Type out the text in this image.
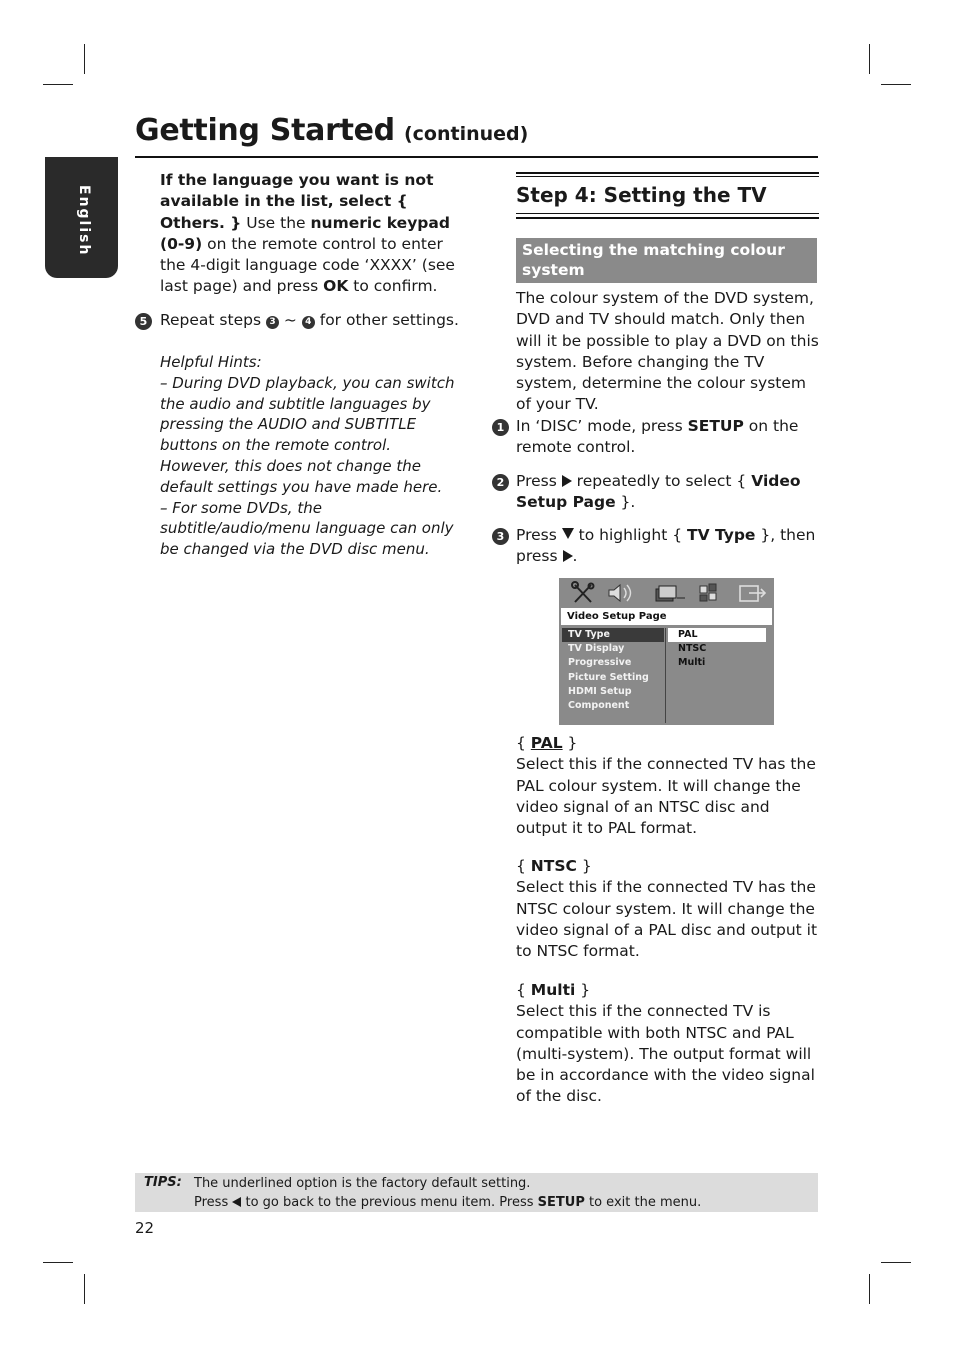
Getting Started (continued)
English
If the language you want is not available in the list, select { Others. } Use the numeric keypad (0-9) on the remote control to enter the 4-digit language code ‘XXXX’ (see last page) and press OK to confirm.
5 Repeat steps 3 ~ 4 for other settings.
Helpful Hints:
– During DVD playback, you can switch the audio and subtitle languages by pressing the AUDIO and SUBTITLE buttons on the remote control. However, this does not change the default settings you have made here.
– For some DVDs, the subtitle/audio/menu language can only be changed via the DVD disc menu.
Step 4: Setting the TV
Selecting the matching colour system
The colour system of the DVD system, DVD and TV should match. Only then will it be possible to play a DVD on this system. Before changing the TV system, determine the colour system of your TV.
1 In ‘DISC’ mode, press SETUP on the remote control.
2 Press  repeatedly to select { Video Setup Page }.
3 Press  to highlight { TV Type }, then press .
Video Setup Page
TV Type
TV Display
Progressive
Picture Setting
HDMI Setup
Component
PAL
NTSC
Multi
{ PAL }
Select this if the connected TV has the PAL colour system. It will change the video signal of an NTSC disc and output it to PAL format.
{ NTSC }
Select this if the connected TV has the NTSC colour system. It will change the video signal of a PAL disc and output it to NTSC format.
{ Multi }
Select this if the connected TV is compatible with both NTSC and PAL (multi-system). The output format will be in accordance with the video signal of the disc.
TIPS: The underlined option is the factory default setting.
Press  to go back to the previous menu item. Press SETUP to exit the menu.
22
